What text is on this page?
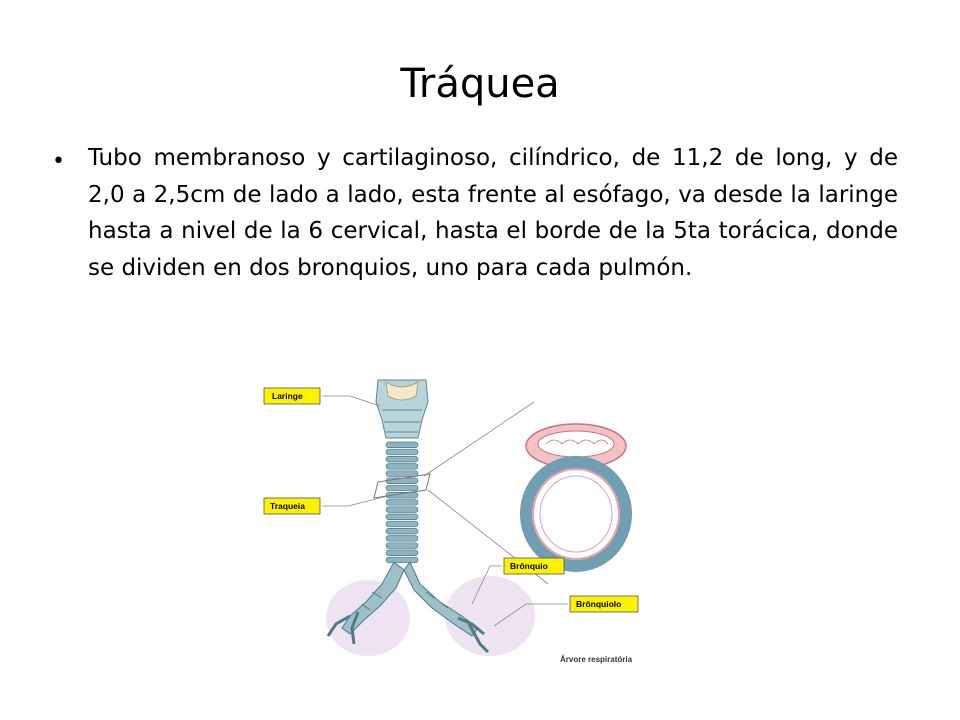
Tráquea
• Tubo membranoso y cartilaginoso, cilíndrico, de 11,2 de long, y de 2,0 a 2,5cm de lado a lado, esta frente al esófago, va desde la laringe hasta a nivel de la 6 cervical, hasta el borde de la 5ta torácica, donde se dividen en dos bronquios, uno para cada pulmón.
Laringe
Traqueia
Brônquio
Brônquiolo
Árvore respiratória
